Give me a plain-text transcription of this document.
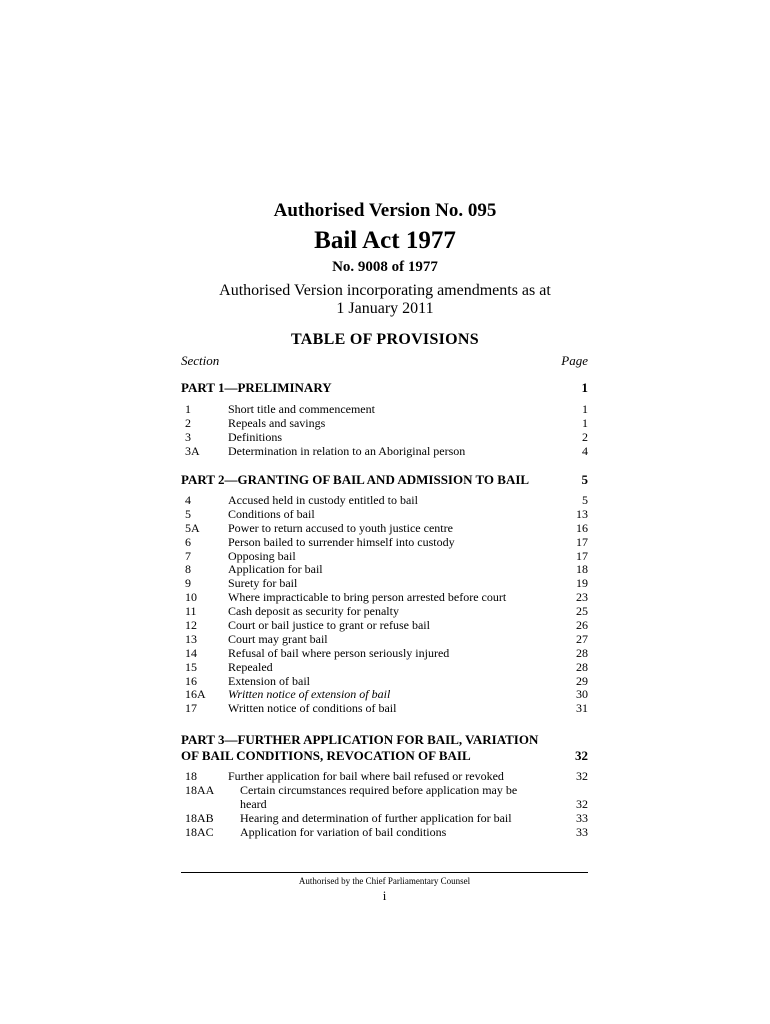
Authorised Version No. 095
Bail Act 1977
No. 9008 of 1977
Authorised Version incorporating amendments as at
1 January 2011
TABLE OF PROVISIONS
Section	Page
PART 1—PRELIMINARY	1
1	Short title and commencement	1
2	Repeals and savings	1
3	Definitions	2
3A Determination in relation to an Aboriginal person	4
PART 2—GRANTING OF BAIL AND ADMISSION TO BAIL	5
4	Accused held in custody entitled to bail	5
5	Conditions of bail	13
5A Power to return accused to youth justice centre	16
6	Person bailed to surrender himself into custody	17
7	Opposing bail	17
8	Application for bail	18
9	Surety for bail	19
10	Where impracticable to bring person arrested before court	23
11	Cash deposit as security for penalty	25
12	Court or bail justice to grant or refuse bail	26
13	Court may grant bail	27
14	Refusal of bail where person seriously injured	28
15	Repealed	28
16	Extension of bail	29
16A Written notice of extension of bail	30
17	Written notice of conditions of bail	31
PART 3—FURTHER APPLICATION FOR BAIL, VARIATION
OF BAIL CONDITIONS, REVOCATION OF BAIL	32
18	Further application for bail where bail refused or revoked	32
18AA Certain circumstances required before application may be
heard	32
18AB Hearing and determination of further application for bail	33
18AC Application for variation of bail conditions	33
Authorised by the Chief Parliamentary Counsel
i
